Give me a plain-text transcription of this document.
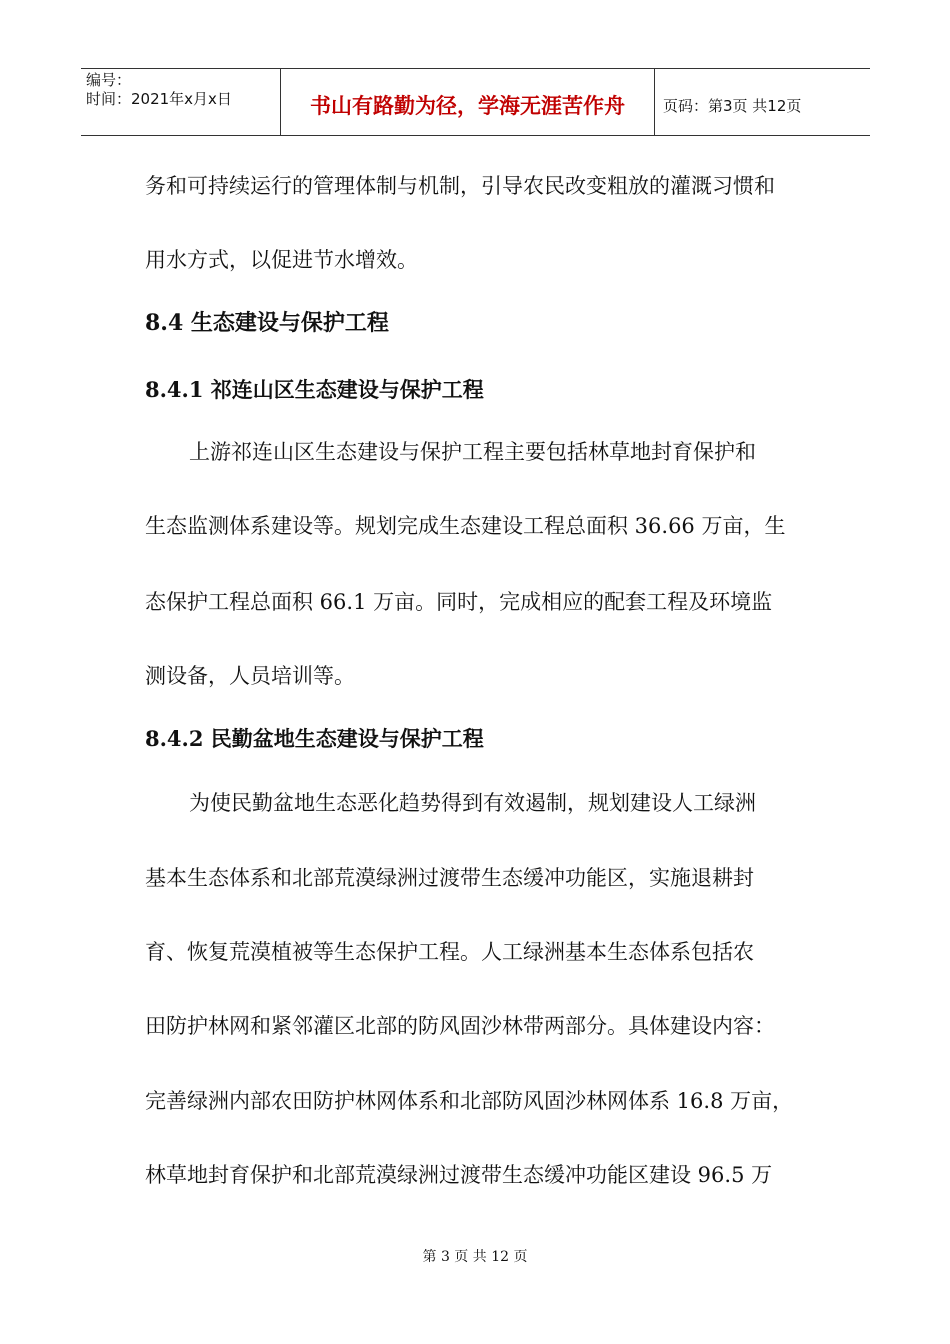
编号：
时间：2021年x月x日	书山有路勤为径，学海无涯苦作舟	页码：第3页 共12页
务和可持续运行的管理体制与机制，引导农民改变粗放的灌溉习惯和
用水方式，以促进节水增效。
8.4 生态建设与保护工程
8.4.1 祁连山区生态建设与保护工程
上游祁连山区生态建设与保护工程主要包括林草地封育保护和
生态监测体系建设等。规划完成生态建设工程总面积 36.66 万亩，生
态保护工程总面积 66.1 万亩。同时，完成相应的配套工程及环境监
测设备，人员培训等。
8.4.2 民勤盆地生态建设与保护工程
为使民勤盆地生态恶化趋势得到有效遏制，规划建设人工绿洲
基本生态体系和北部荒漠绿洲过渡带生态缓冲功能区，实施退耕封
育、恢复荒漠植被等生态保护工程。人工绿洲基本生态体系包括农
田防护林网和紧邻灌区北部的防风固沙林带两部分。具体建设内容：
完善绿洲内部农田防护林网体系和北部防风固沙林网体系 16.8 万亩，
林草地封育保护和北部荒漠绿洲过渡带生态缓冲功能区建设 96.5 万
第 3 页 共 12 页
